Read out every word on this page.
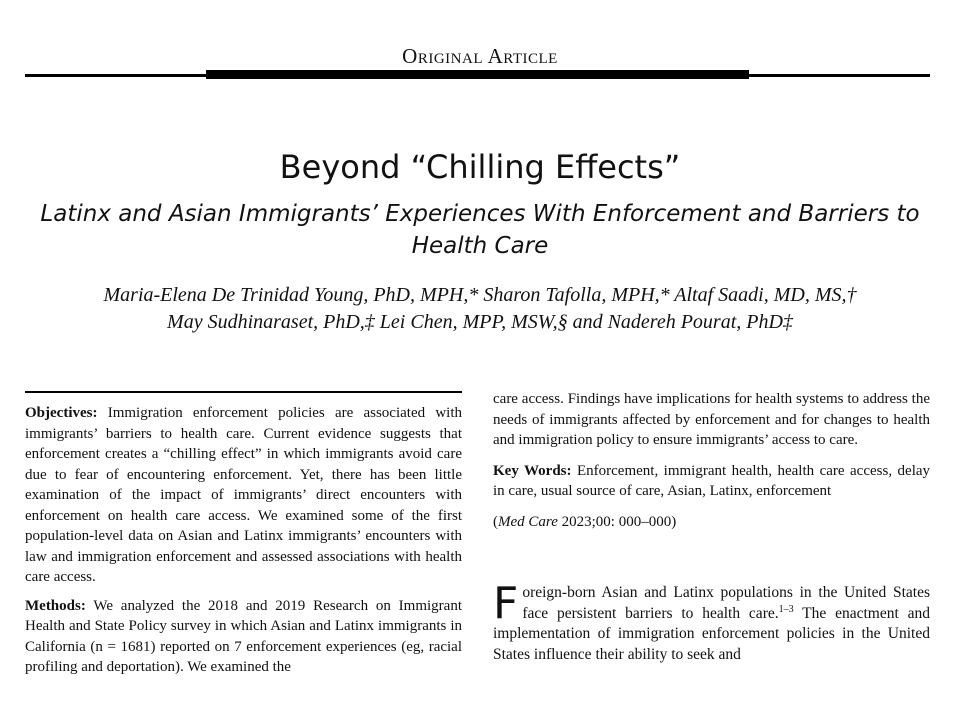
Original Article
Beyond “Chilling Effects”
Latinx and Asian Immigrants’ Experiences With Enforcement and Barriers to Health Care
Maria-Elena De Trinidad Young, PhD, MPH,* Sharon Tafolla, MPH,* Altaf Saadi, MD, MS,†
May Sudhinaraset, PhD,‡ Lei Chen, MPP, MSW,§ and Nadereh Pourat, PhD‡

Objectives: Immigration enforcement policies are associated with immigrants’ barriers to health care. Current evidence suggests that enforcement creates a “chilling effect” in which immigrants avoid care due to fear of encountering enforcement. Yet, there has been little examination of the impact of immigrants’ direct encounters with enforcement on health care access. We examined some of the first population-level data on Asian and Latinx immigrants’ encounters with law and immigration enforcement and assessed associations with health care access.

Methods: We analyzed the 2018 and 2019 Research on Immigrant Health and State Policy survey in which Asian and Latinx immigrants in California (n = 1681) reported on 7 enforcement experiences (eg, racial profiling and deportation). We examined the

care access. Findings have implications for health systems to address the needs of immigrants affected by enforcement and for changes to health and immigration policy to ensure immigrants’ access to care.

Key Words: Enforcement, immigrant health, health care access, delay in care, usual source of care, Asian, Latinx, enforcement

(Med Care 2023;00: 000–000)

Foreign-born Asian and Latinx populations in the United States face persistent barriers to health care.$^{1-3}$ The enactment and implementation of immigration enforcement policies in the United States influence their ability to seek and
